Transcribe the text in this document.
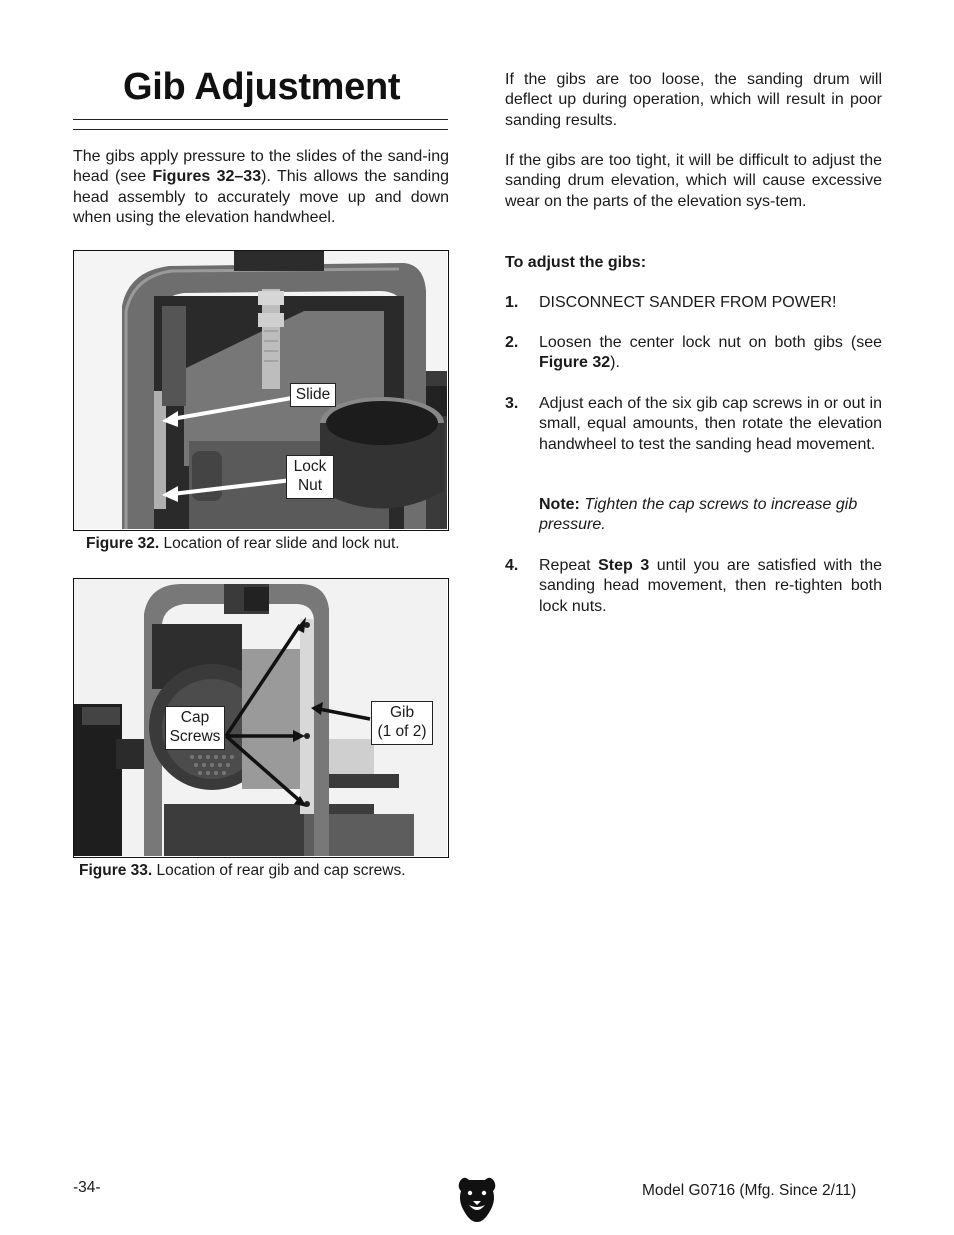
Gib Adjustment

The gibs apply pressure to the slides of the sand-ing head (see Figures 32–33). This allows the sanding head assembly to accurately move up and down when using the elevation handwheel.

Slide
Lock
Nut

Figure 32. Location of rear slide and lock nut.

Cap
Screws
Gib
(1 of 2)

Figure 33. Location of rear gib and cap screws.

If the gibs are too loose, the sanding drum will deflect up during operation, which will result in poor sanding results.

If the gibs are too tight, it will be difficult to adjust the sanding drum elevation, which will cause excessive wear on the parts of the elevation sys-tem.

To adjust the gibs:

1. DISCONNECT SANDER FROM POWER!
2. Loosen the center lock nut on both gibs (see Figure 32).
3. Adjust each of the six gib cap screws in or out in small, equal amounts, then rotate the elevation handwheel to test the sanding head movement.
Note: Tighten the cap screws to increase gib pressure.
4. Repeat Step 3 until you are satisfied with the sanding head movement, then re-tighten both lock nuts.
-34-	Model G0716 (Mfg. Since 2/11)
